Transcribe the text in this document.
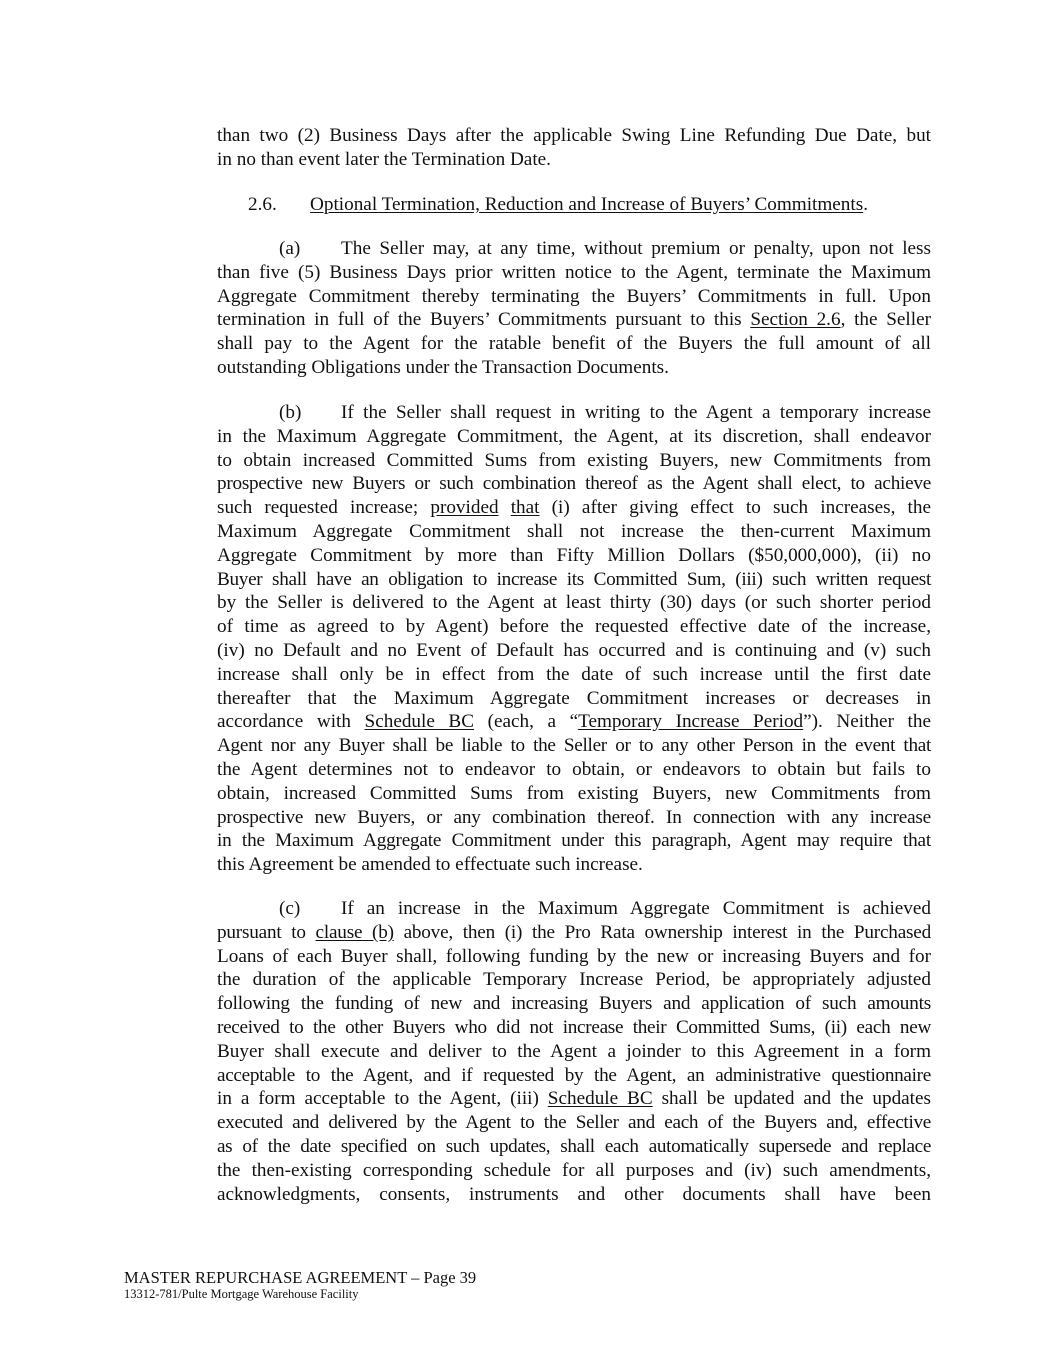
than two (2) Business Days after the applicable Swing Line Refunding Due Date, but
in no than event later the Termination Date.
2.6. Optional Termination, Reduction and Increase of Buyers’ Commitments.
(a) The Seller may, at any time, without premium or penalty, upon not less
than five (5) Business Days prior written notice to the Agent, terminate the Maximum
Aggregate Commitment thereby terminating the Buyers’ Commitments in full. Upon
termination in full of the Buyers’ Commitments pursuant to this Section 2.6, the Seller
shall pay to the Agent for the ratable benefit of the Buyers the full amount of all
outstanding Obligations under the Transaction Documents.
(b) If the Seller shall request in writing to the Agent a temporary increase
in the Maximum Aggregate Commitment, the Agent, at its discretion, shall endeavor
to obtain increased Committed Sums from existing Buyers, new Commitments from
prospective new Buyers or such combination thereof as the Agent shall elect, to achieve
such requested increase; provided that (i) after giving effect to such increases, the
Maximum Aggregate Commitment shall not increase the then-current Maximum
Aggregate Commitment by more than Fifty Million Dollars ($50,000,000), (ii) no
Buyer shall have an obligation to increase its Committed Sum, (iii) such written request
by the Seller is delivered to the Agent at least thirty (30) days (or such shorter period
of time as agreed to by Agent) before the requested effective date of the increase,
(iv) no Default and no Event of Default has occurred and is continuing and (v) such
increase shall only be in effect from the date of such increase until the first date
thereafter that the Maximum Aggregate Commitment increases or decreases in
accordance with Schedule BC (each, a “Temporary Increase Period”). Neither the
Agent nor any Buyer shall be liable to the Seller or to any other Person in the event that
the Agent determines not to endeavor to obtain, or endeavors to obtain but fails to
obtain, increased Committed Sums from existing Buyers, new Commitments from
prospective new Buyers, or any combination thereof. In connection with any increase
in the Maximum Aggregate Commitment under this paragraph, Agent may require that
this Agreement be amended to effectuate such increase.
(c) If an increase in the Maximum Aggregate Commitment is achieved
pursuant to clause (b) above, then (i) the Pro Rata ownership interest in the Purchased
Loans of each Buyer shall, following funding by the new or increasing Buyers and for
the duration of the applicable Temporary Increase Period, be appropriately adjusted
following the funding of new and increasing Buyers and application of such amounts
received to the other Buyers who did not increase their Committed Sums, (ii) each new
Buyer shall execute and deliver to the Agent a joinder to this Agreement in a form
acceptable to the Agent, and if requested by the Agent, an administrative questionnaire
in a form acceptable to the Agent, (iii) Schedule BC shall be updated and the updates
executed and delivered by the Agent to the Seller and each of the Buyers and, effective
as of the date specified on such updates, shall each automatically supersede and replace
the then-existing corresponding schedule for all purposes and (iv) such amendments,
acknowledgments, consents, instruments and other documents shall have been
MASTER REPURCHASE AGREEMENT – Page 39
13312-781/Pulte Mortgage Warehouse Facility
